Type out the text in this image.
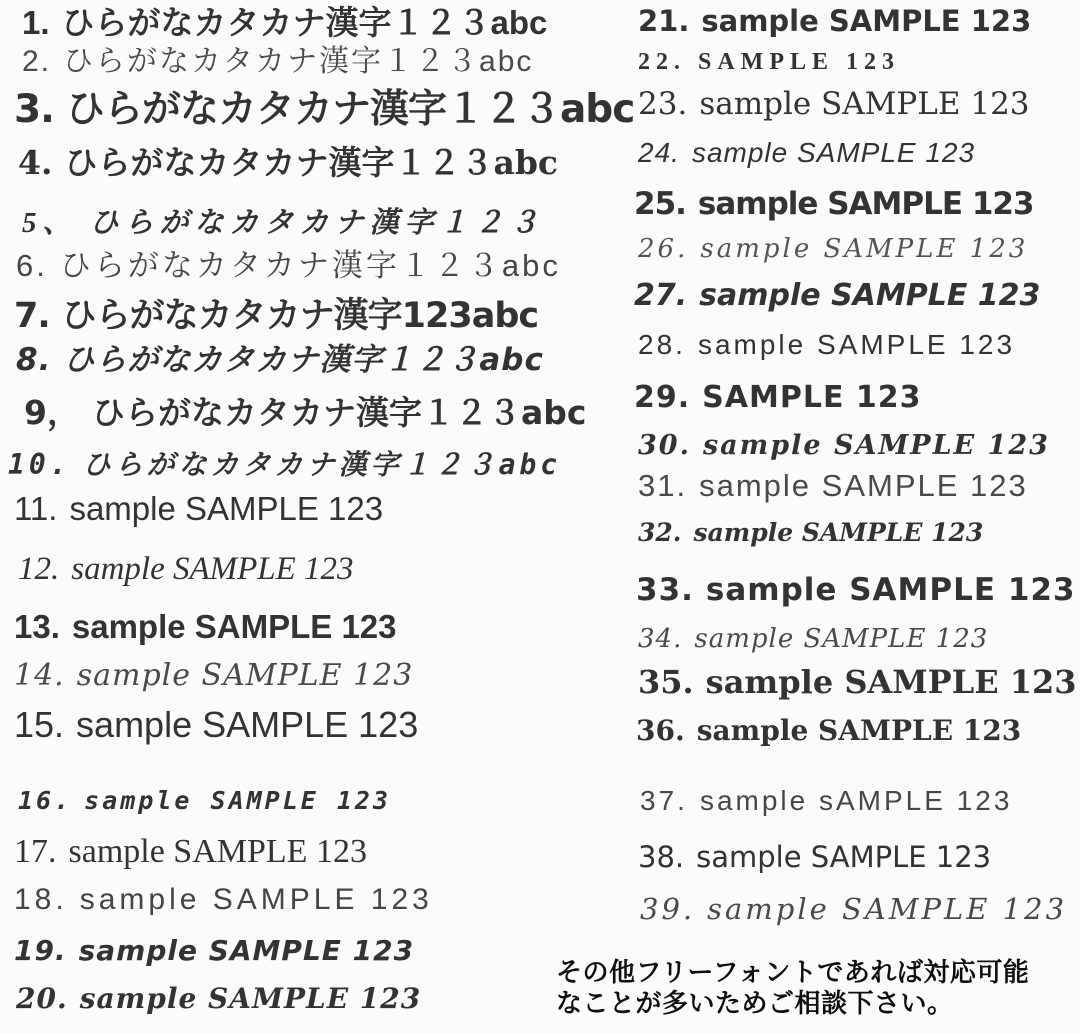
1. ひらがなカタカナ漢字１２３abc
2. ひらがなカタカナ漢字１２３abc
3. ひらがなカタカナ漢字１２３abc
4. ひらがなカタカナ漢字１２３abc
5、 ひらがなカタカナ漢字１２３
6. ひらがなカタカナ漢字１２３abc
7. ひらがなカタカナ漢字123abc
8. ひらがなカタカナ漢字１２３abc
9， ひらがなカタカナ漢字１２３abc
10. ひらがなカタカナ漢字１２３abc
11. sample SAMPLE 123
12. sample SAMPLE 123
13. sample SAMPLE 123
14. sample SAMPLE 123
15. sample SAMPLE 123
16. sample SAMPLE 123
17. sample SAMPLE 123
18. sample SAMPLE 123
19. sample SAMPLE 123
20. sample SAMPLE 123
21. sample SAMPLE 123
22. SAMPLE 123
23. sample SAMPLE 123
24. sample SAMPLE 123
25. sample SAMPLE 123
26. sample SAMPLE 123
27. sample SAMPLE 123
28. sample SAMPLE 123
29. SAMPLE 123
30. sample SAMPLE 123
31. sample SAMPLE 123
32. sample SAMPLE 123
33. sample SAMPLE 123
34. sample SAMPLE 123
35. sample SAMPLE 123
36. sample SAMPLE 123
37. sample sAMPLE 123
38. sample SAMPLE 123
39. sample SAMPLE 123
その他フリーフォントであれば対応可能
なことが多いためご相談下さい。
